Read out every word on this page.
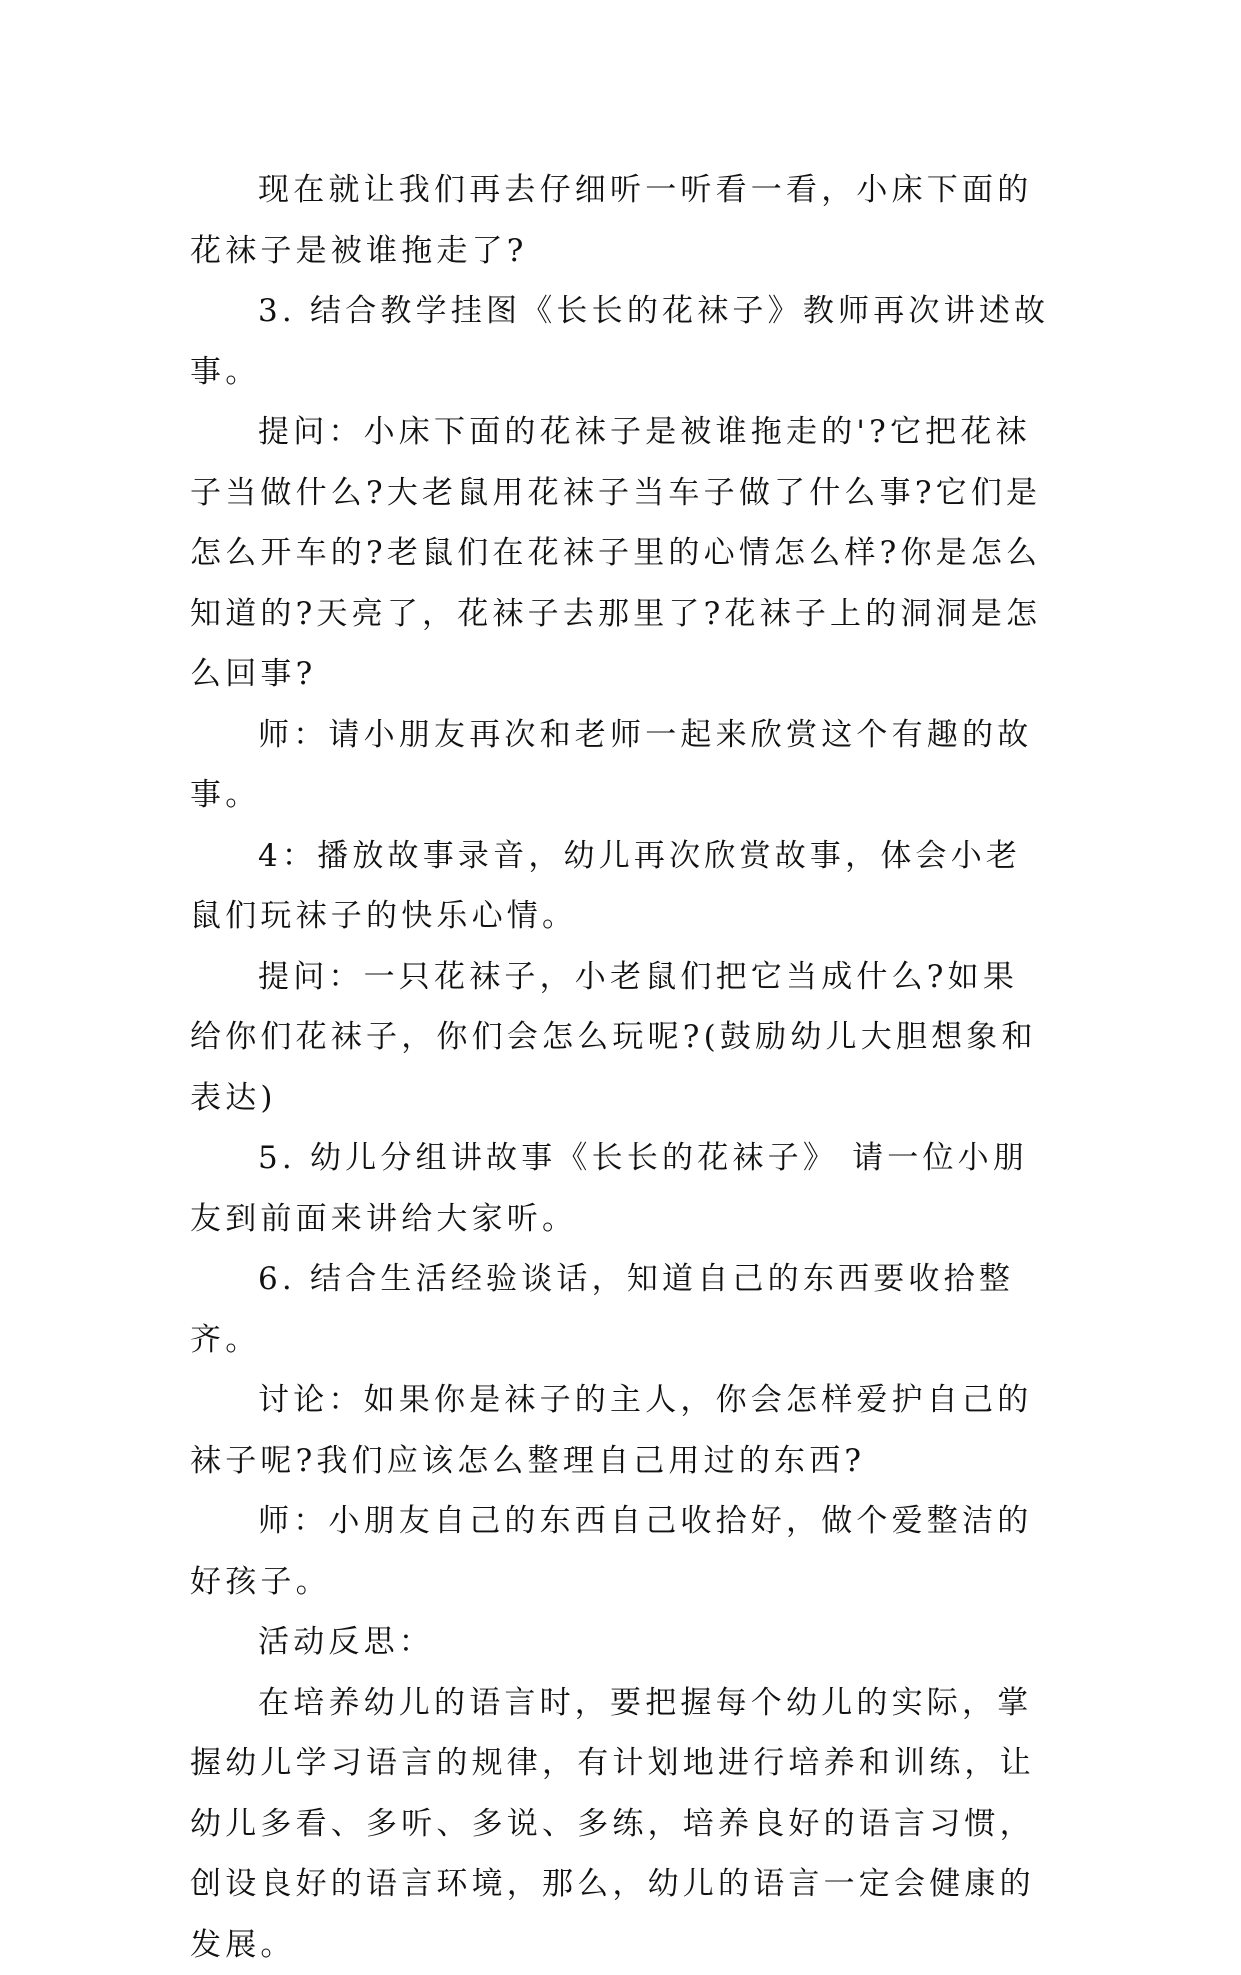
现在就让我们再去仔细听一听看一看，小床下面的花袜子是被谁拖走了?

3. 结合教学挂图《长长的花袜子》教师再次讲述故事。

提问：小床下面的花袜子是被谁拖走的'?它把花袜子当做什么?大老鼠用花袜子当车子做了什么事?它们是怎么开车的?老鼠们在花袜子里的心情怎么样?你是怎么知道的?天亮了，花袜子去那里了?花袜子上的洞洞是怎么回事?

师：请小朋友再次和老师一起来欣赏这个有趣的故事。

4：播放故事录音，幼儿再次欣赏故事，体会小老鼠们玩袜子的快乐心情。

提问：一只花袜子，小老鼠们把它当成什么?如果给你们花袜子，你们会怎么玩呢?(鼓励幼儿大胆想象和表达)

5. 幼儿分组讲故事《长长的花袜子》 请一位小朋友到前面来讲给大家听。

6. 结合生活经验谈话，知道自己的东西要收拾整齐。

讨论：如果你是袜子的主人，你会怎样爱护自己的袜子呢?我们应该怎么整理自己用过的东西?

师：小朋友自己的东西自己收拾好，做个爱整洁的好孩子。

活动反思：

在培养幼儿的语言时，要把握每个幼儿的实际，掌握幼儿学习语言的规律，有计划地进行培养和训练，让幼儿多看、多听、多说、多练，培养良好的语言习惯，创设良好的语言环境，那么，幼儿的语言一定会健康的发展。
